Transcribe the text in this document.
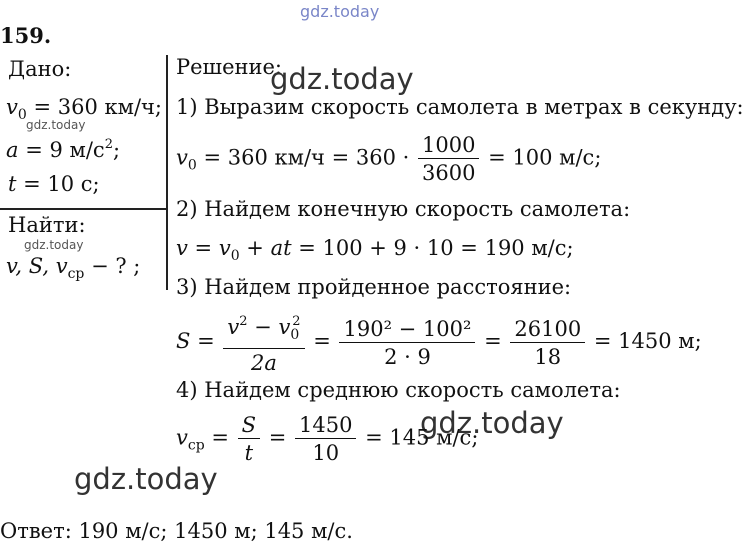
gdz.today
159.
Дано:
$v_0 = 360$ км/ч;
gdz.today
a = 9 $м/с^2$;
t = 10 с;
Найти:
gdz.today
v, S, $v_{ср}$ − ? ;
Решение:
gdz.today
1) Выразим скорость самолета в метрах в секунду:
$v_0 = 360$ $км/ч = 360 \cdot \frac{1000}{3600} = 100$ м/с;
2) Найдем конечную скорость самолета:
$v = v_0$ + at = 100 + 9 · 10 = 190 м/с;
3) Найдем пройденное расстояние:
$S = \frac{v^2 - v_0^2}{2a} = \frac{\text{190² − 100²}}{2 \cdot 9} = \frac{26100}{18} = 1450$ м;
4) Найдем среднюю скорость самолета:
gdz.today
$v_{ср} = \frac{S}{t} = \frac{1450}{10} = 145$ м/с;
gdz.today
Ответ: 190 м/с; 1450 м; 145 м/с.
